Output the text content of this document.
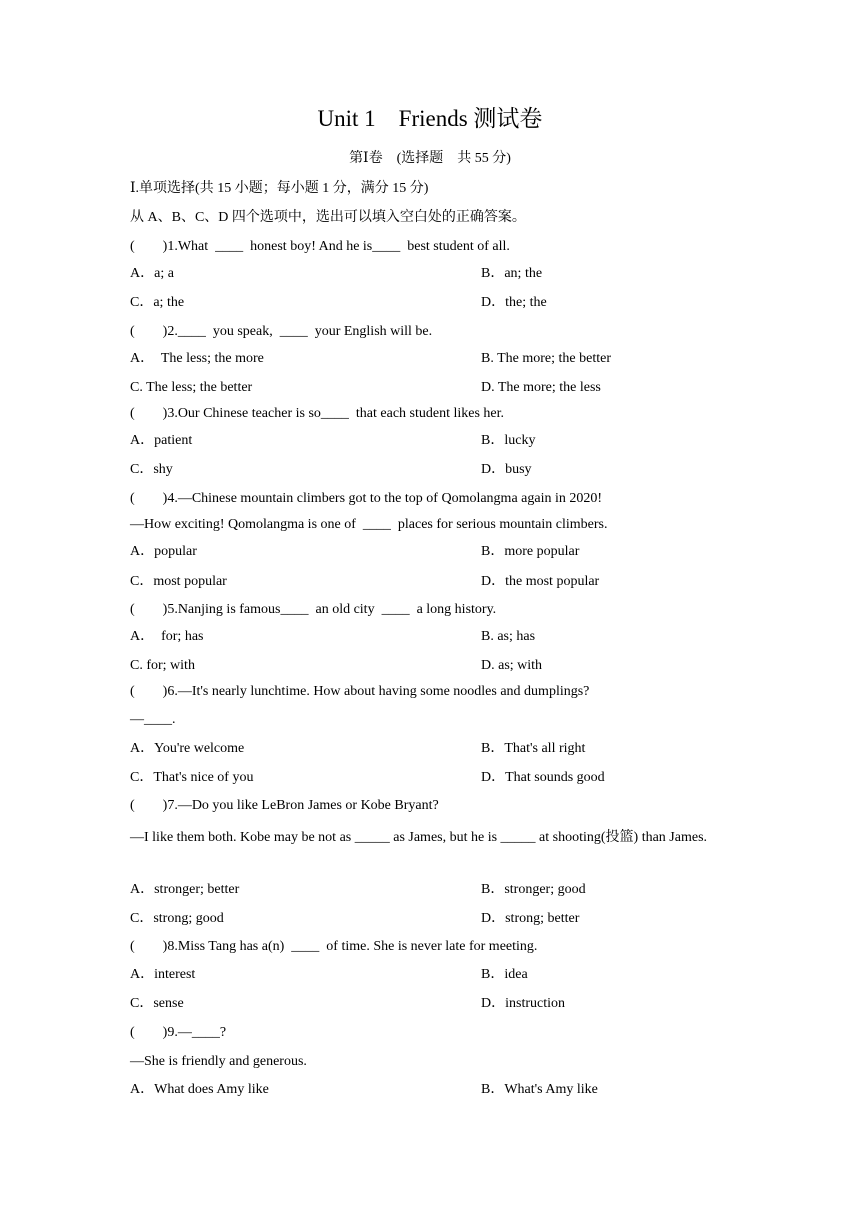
Unit 1　Friends 测试卷
第Ⅰ卷　(选择题　共 55 分)
Ⅰ.单项选择(共 15 小题；每小题 1 分，满分 15 分)
从 A、B、C、D 四个选项中，选出可以填入空白处的正确答案。
(  )1.What  ____  honest boy! And he is____  best student of all.
A．a; a	B．an; the
C．a; the	D．the; the
(  )2.____  you speak,  ____  your English will be.
A．  The less; the more	B. The more; the better
C. The less; the better	D. The more; the less
(  )3.Our Chinese teacher is so____  that each student likes her.
A．patient	B．lucky
C．shy	D．busy
(  )4.—Chinese mountain climbers got to the top of Qomolangma again in 2020!
—How exciting! Qomolangma is one of  ____  places for serious mountain climbers.
A．popular	B．more popular
C．most popular	D．the most popular
(  )5.Nanjing is famous____  an old city  ____  a long history.
A．  for; has	B. as; has
C. for; with	D. as; with
(  )6.—It's nearly lunchtime. How about having some noodles and dumplings?
—____.
A．You're welcome	B．That's all right
C．That's nice of you	D．That sounds good
(  )7.—Do you like LeBron James or Kobe Bryant?
—I like them both. Kobe may be not as _____ as James, but he is _____ at shooting(投篮) than James.
A．stronger; better	B．stronger; good
C．strong; good	D．strong; better
(  )8.Miss Tang has a(n)  ____  of time. She is never late for meeting.
A．interest	B．idea
C．sense	D．instruction
(  )9.—____?
—She is friendly and generous.
A．What does Amy like	B．What's Amy like
